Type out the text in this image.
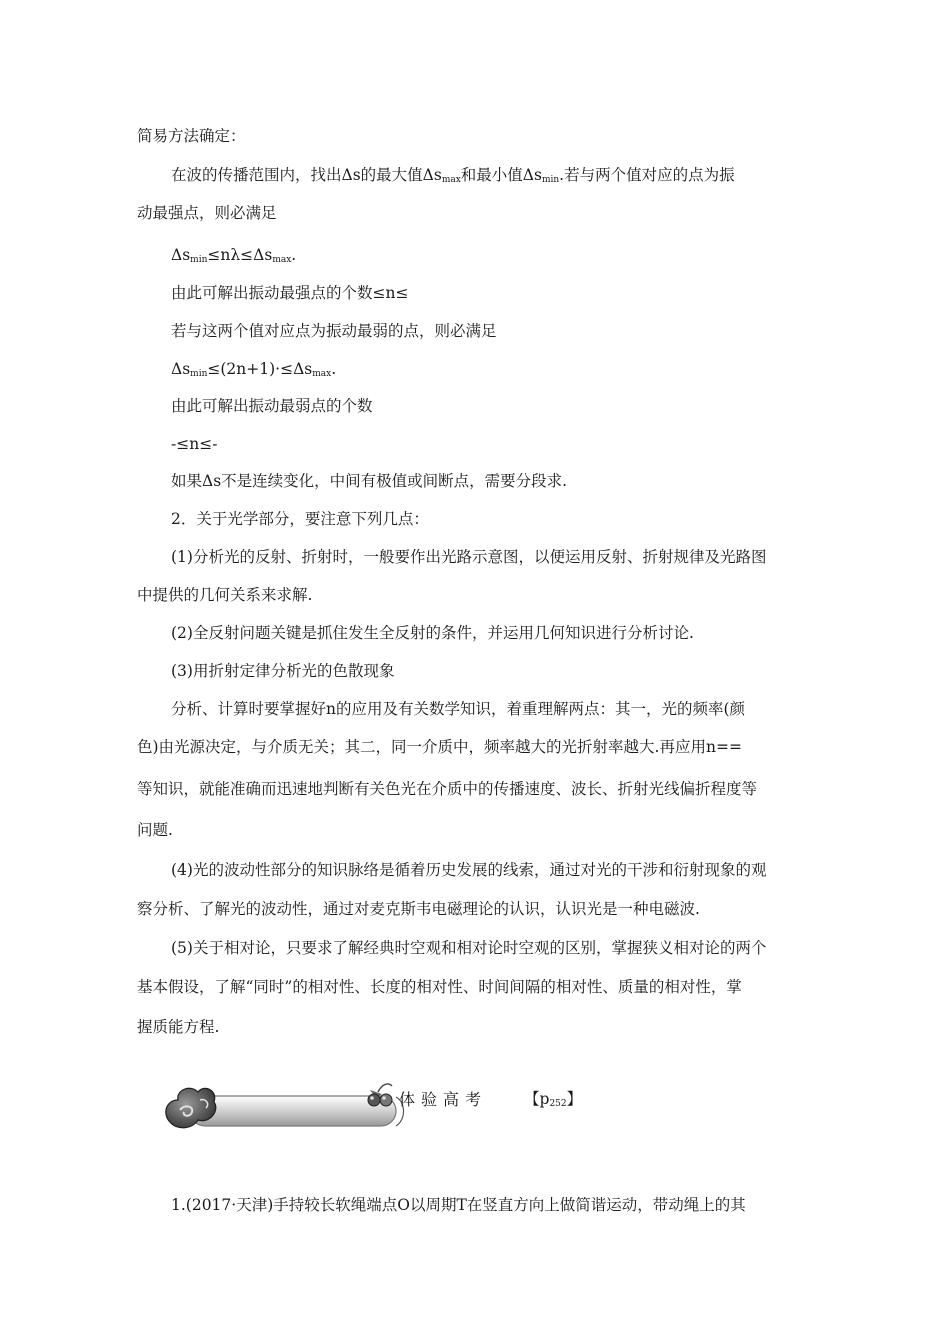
简易方法确定：
在波的传播范围内，找出Δs的最大值$\Delta s_{max}$和最小值$\Delta s_{min}$.若与两个值对应的点为振
动最强点，则必满足
$\Delta s_{min}\le n\lambda\le\Delta s_{max}$.
由此可解出振动最强点的个数≤n≤
若与这两个值对应点为振动最弱的点，则必满足
$\Delta s_{min}\le(2n+1)\cdot\le\Delta s_{max}$.
由此可解出振动最弱点的个数
-≤n≤-
如果Δs不是连续变化，中间有极值或间断点，需要分段求.
2．关于光学部分，要注意下列几点：
(1)分析光的反射、折射时，一般要作出光路示意图，以便运用反射、折射规律及光路图
中提供的几何关系来求解.
(2)全反射问题关键是抓住发生全反射的条件，并运用几何知识进行分析讨论.
(3)用折射定律分析光的色散现象
分析、计算时要掌握好n的应用及有关数学知识，着重理解两点：其一，光的频率(颜
色)由光源决定，与介质无关；其二，同一介质中，频率越大的光折射率越大.再应用n==
等知识，就能准确而迅速地判断有关色光在介质中的传播速度、波长、折射光线偏折程度等
问题.
(4)光的波动性部分的知识脉络是循着历史发展的线索，通过对光的干涉和衍射现象的观
察分析、了解光的波动性，通过对麦克斯韦电磁理论的认识，认识光是一种电磁波.
(5)关于相对论，只要求了解经典时空观和相对论时空观的区别，掌握狭义相对论的两个
基本假设，了解“同时”的相对性、长度的相对性、时间间隔的相对性、质量的相对性，掌
握质能方程.
体验高考 【$p_{252}$】
1.(2017·天津)手持较长软绳端点O以周期T在竖直方向上做简谐运动，带动绳上的其
